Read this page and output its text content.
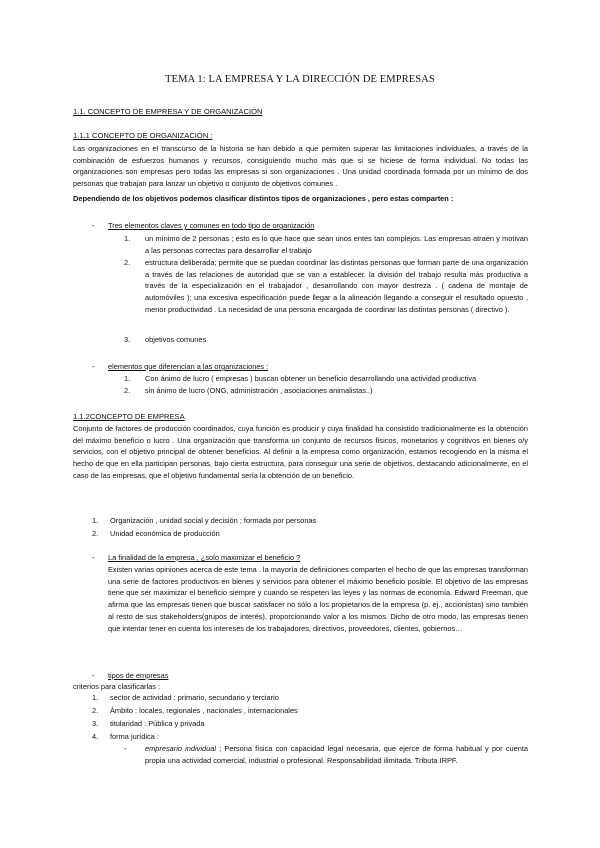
TEMA 1: LA EMPRESA Y LA DIRECCIÓN DE EMPRESAS
1.1. CONCEPTO DE EMPRESA Y DE ORGANIZACIÓN
1.1.1 CONCEPTO DE ORGANIZACIÓN :
Las organizaciones en el transcurso de la historia se han debido a que permiten superar las limitaciones individuales, a través de la combinación de esfuerzos humanos y recursos, consiguiendo mucho más que si se hiciese de forma individual. No todas las organizaciones son empresas pero todas las empresas si son organizaciones . Una unidad coordinada formada por un mínimo de dos personas que trabajan para lanzar un objetivo o conjunto de objetivos comunes .
Dependiendo de los objetivos podemos clasificar distintos tipos de organizaciones , pero estas comparten :
- Tres elementos claves y comunes en todo tipo de organización
1. un mínimo de 2 personas ; esto es lo que hace que sean unos entes tan complejos. Las empresas atraen y motivan a las personas correctas para desarrollar el trabajo
2. estructura deliberada; permite que se puedan coordinar las distintas personas que forman parte de una organización a través de las relaciones de autoridad que se van a establecer. la división del trabajo resulta más productiva a través de la especialización en el trabajador , desarrollando con mayor destreza . ( cadena de montaje de automóviles ); una excesiva especificación puede llegar a la alineación llegando a conseguir el resultado opuesto , menor productividad . La necesidad de una persona encargada de coordinar las distintas personas ( directivo ).
3. objetivos comunes
- elementos que diferencian a las organizaciones :
1. Con ánimo de lucro ( empresas ) buscan obtener un beneficio desarrollando una actividad productiva
2. sin ánimo de lucro (ONG, administración , asociaciones animalistas..)
1.1.2CONCEPTO DE EMPRESA
Conjunto de factores de producción coordinados, cuya función es producir y cuya finalidad ha consistido tradicionalmente es la obtención del máximo beneficio o lucro . Una organización que transforma un conjunto de recursos físicos, monetarios y cognitivos en bienes o/y servicios, con el objetivo principal de obtener beneficios. Al definir a la empresa como organización, estamos recogiendo en la misma el hecho de que en ella participan personas, bajo cierta estructura, para conseguir una serie de objetivos, destacando adicionalmente, en el caso de las empresas, que el objetivo fundamental sería la obtención de un beneficio.
1. Organización , unidad social y decisión ; formada por personas
2. Unidad económica de producción
- La finalidad de la empresa , ¿solo maximizar el beneficio ?
Existen varias opiniones acerca de este tema . la mayoría de definiciones comparten el hecho de que las empresas transforman una serie de factores productivos en bienes y servicios para obtener el máximo beneficio posible. El objetivo de las empresas tiene que ser maximizar el beneficio siempre y cuando se respeten las leyes y las normas de economía. Edward Freeman, que afirma que las empresas tienen que buscar satisfacer no sólo a los propietarios de la empresa (p. ej., accionistas) sino también al resto de sus stakeholders(grupos de interés), proporcionando valor a los mismos. Dicho de otro modo, las empresas tienen que intentar tener en cuenta los intereses de los trabajadores, directivos, proveedores, clientes, gobiernos…
- tipos de empresas
criterios para clasificarlas :
1. sector de actividad : primario, secundario y terciario
2. Ámbito : locales, regionales , nacionales , internacionales
3. titularidad : Pública y privada
4. forma jurídica :
-	empresario individual ; Persona física con capacidad legal necesaria, que ejerce de forma habitual y por cuenta propia una actividad comercial, industrial o profesional. Responsabilidad ilimitada. Tributa IRPF.
